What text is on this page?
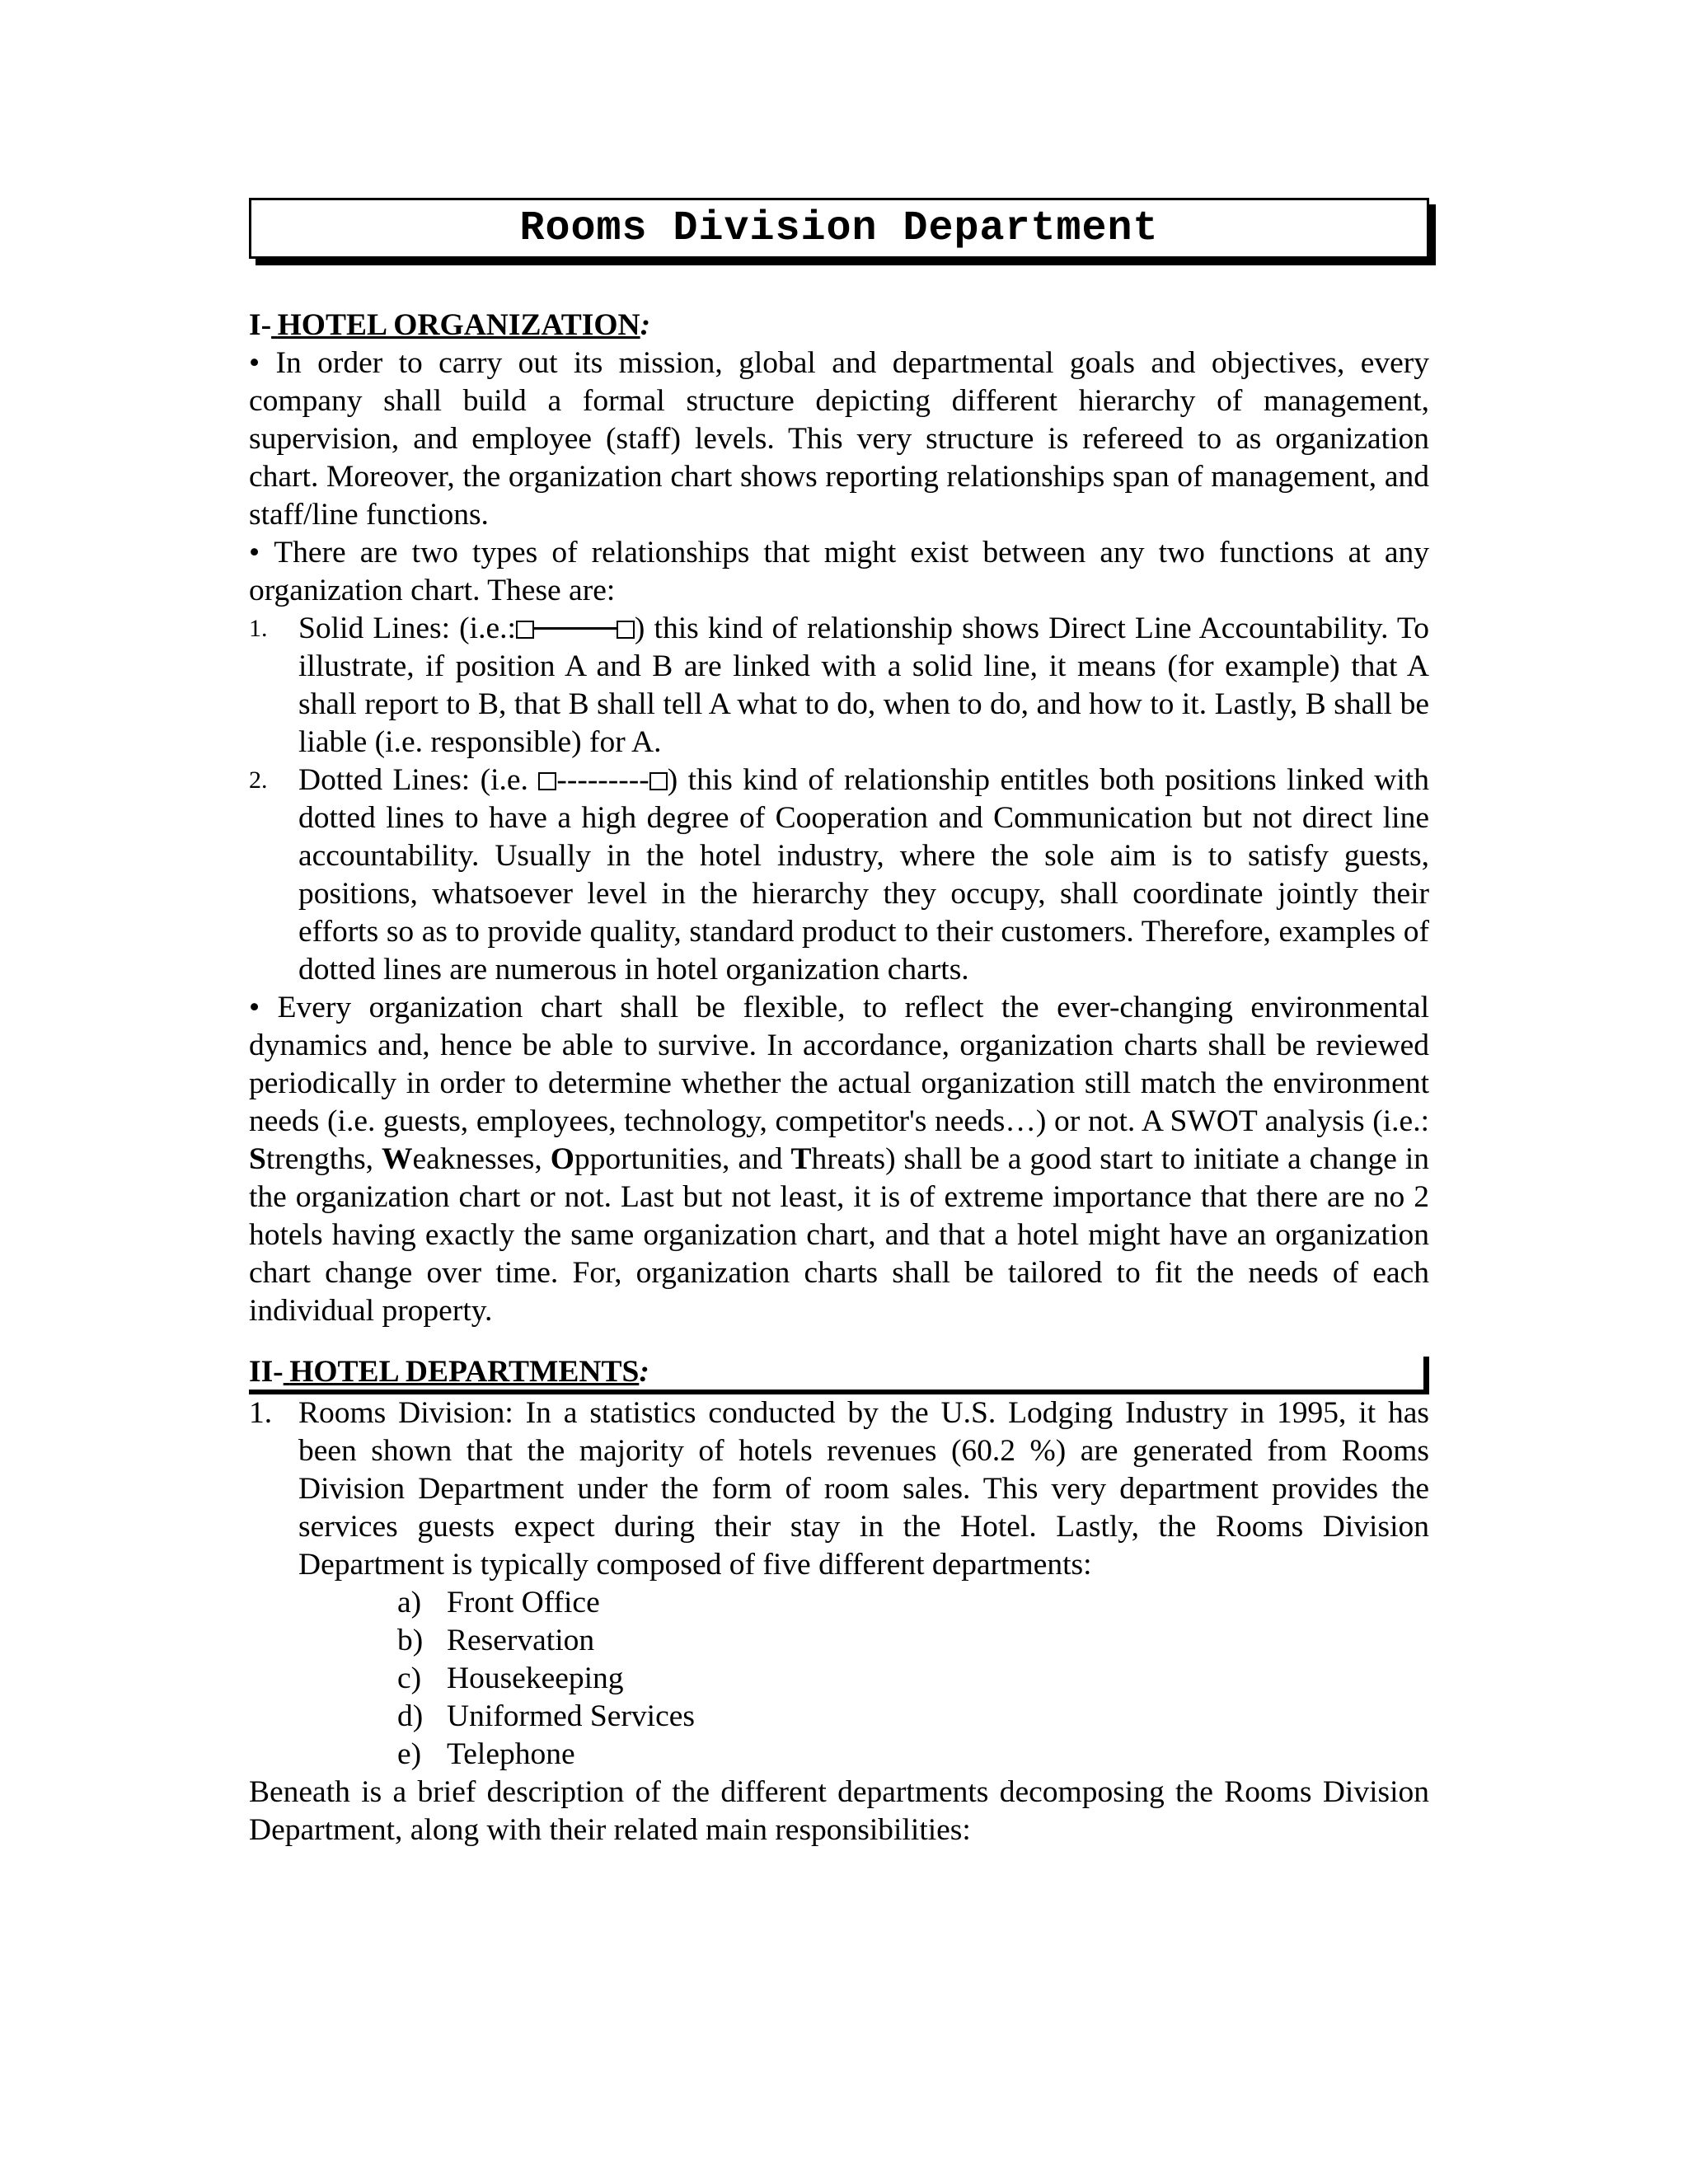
Rooms Division Department
I-  HOTEL ORGANIZATION:

• In order to carry out its mission, global and departmental goals and objectives, every company shall build a formal structure depicting different hierarchy of management, supervision, and employee (staff) levels. This very structure is refereed to as organization chart. Moreover, the organization chart shows reporting relationships span of management, and staff/line functions.

• There are two types of relationships that might exist between any two functions at any organization chart. These are:

1. Solid Lines: (i.e.:	) this kind of relationship shows Direct Line Accountability. To illustrate, if position A and B are linked with a solid line, it means (for example) that A shall report to B, that B shall tell A what to do, when to do, and how to it. Lastly, B shall be liable (i.e. responsible) for A.
2. Dotted Lines: (i.e. --------- ) this kind of relationship entitles both positions linked with dotted lines to have a high degree of Cooperation and Communication but not direct line accountability. Usually in the hotel industry, where the sole aim is to satisfy guests, positions, whatsoever level in the hierarchy they occupy, shall coordinate jointly their efforts so as to provide quality, standard product to their customers. Therefore, examples of dotted lines are numerous in hotel organization charts.

• Every organization chart shall be flexible, to reflect the ever-changing environmental dynamics and, hence be able to survive. In accordance, organization charts shall be reviewed periodically in order to determine whether the actual organization still match the environment needs (i.e. guests, employees, technology, competitor's needs…) or not. A SWOT analysis (i.e.: Strengths, Weaknesses, Opportunities, and Threats) shall be a good start to initiate a change in the organization chart or not. Last but not least, it is of extreme importance that there are no 2 hotels having exactly the same organization chart, and that a hotel might have an organization chart change over time. For, organization charts shall be tailored to fit the needs of each individual property.

II-  HOTEL DEPARTMENTS:
1. Rooms Division: In a statistics conducted by the U.S. Lodging Industry in 1995, it has been shown that the majority of hotels revenues (60.2 %) are generated from Rooms Division Department under the form of room sales. This very department provides the services guests expect during their stay in the Hotel. Lastly, the Rooms Division Department is typically composed of five different departments:
a) Front Office
b) Reservation
c) Housekeeping
d) Uniformed Services
e) Telephone

Beneath is a brief description of the different departments decomposing the Rooms Division Department, along with their related main responsibilities:
